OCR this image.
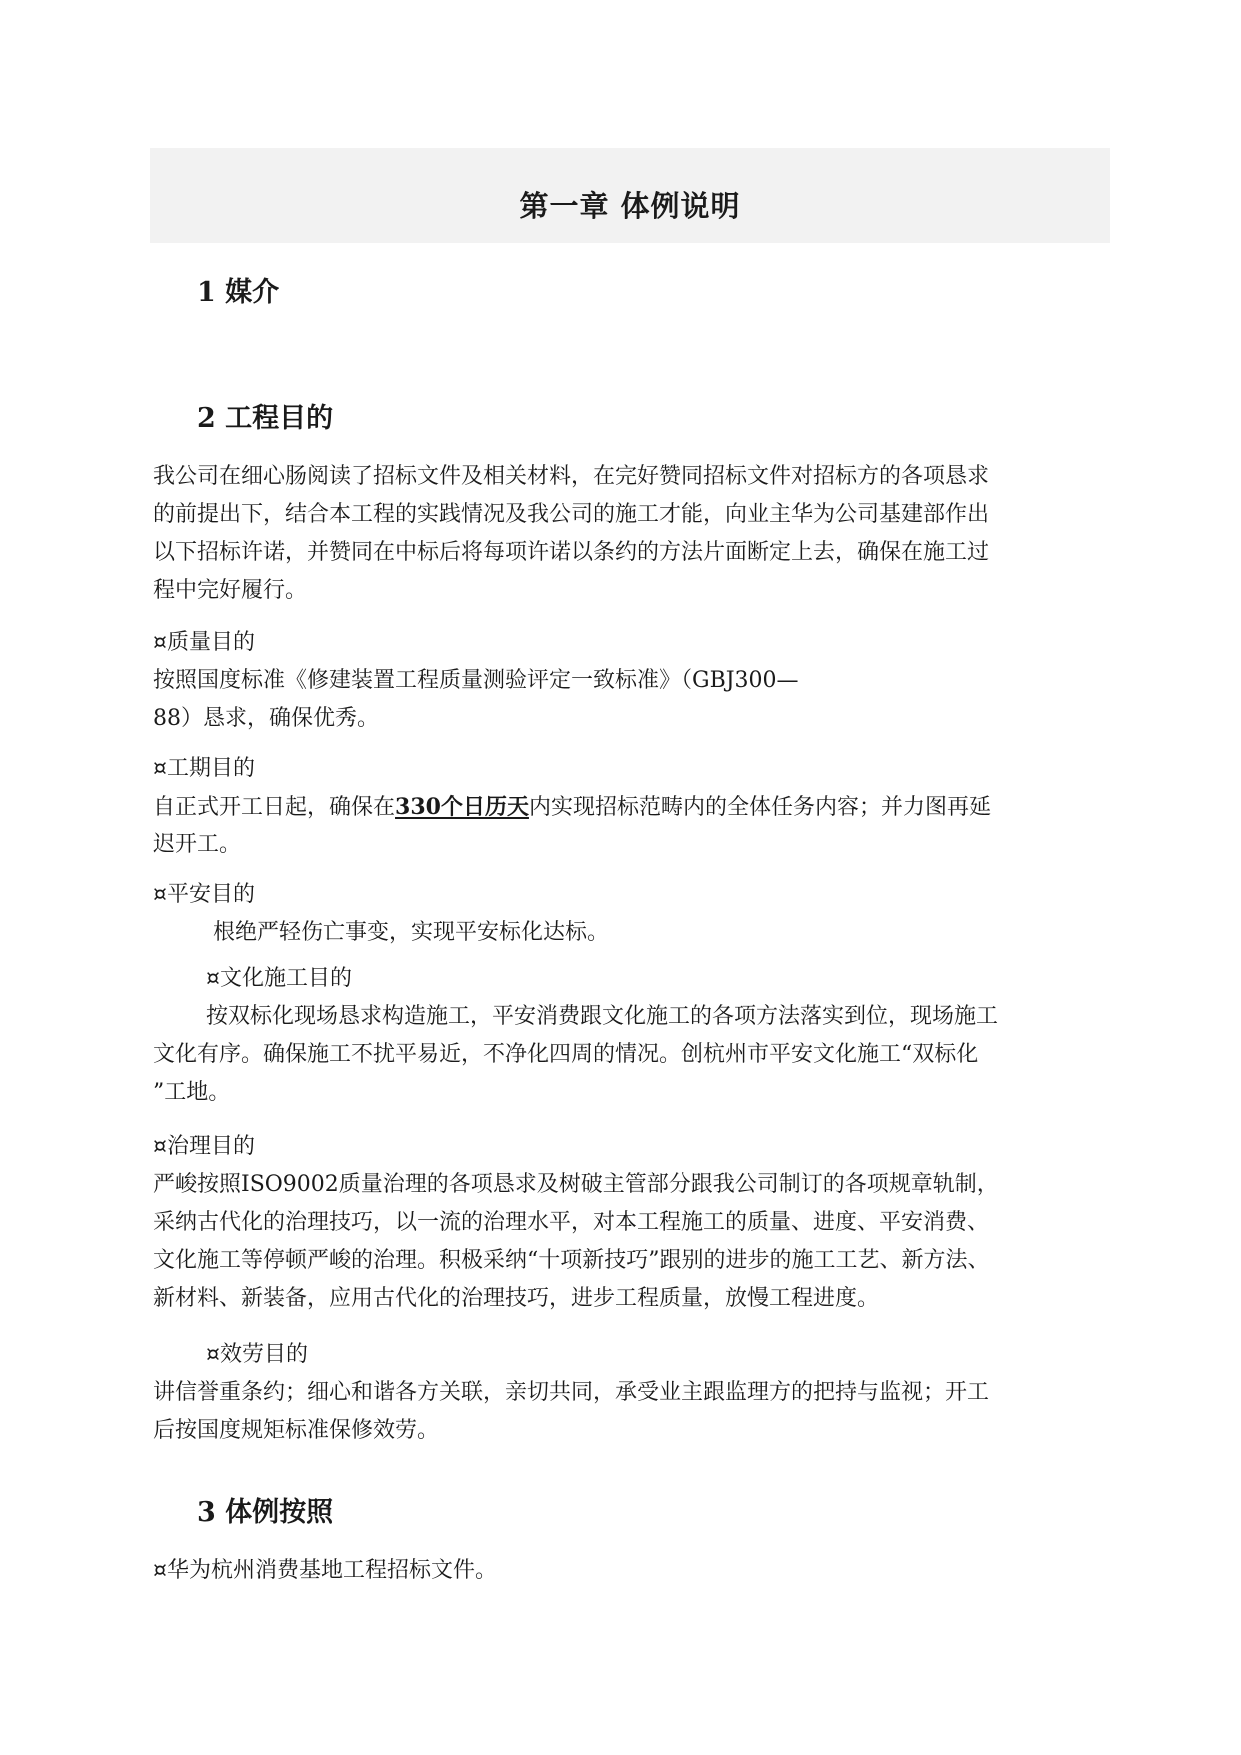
第一章 体例说明
1 媒介
2 工程目的
我公司在细心肠阅读了招标文件及相关材料，在完好赞同招标文件对招标方的各项恳求
的前提出下，结合本工程的实践情况及我公司的施工才能，向业主华为公司基建部作出
以下招标许诺，并赞同在中标后将每项许诺以条约的方法片面断定上去，确保在施工过
程中完好履行。
¤质量目的
按照国度标准《修建装置工程质量测验评定一致标准》（GBJ300—
88）恳求，确保优秀。
¤工期目的
自正式开工日起，确保在330个日历天内实现招标范畴内的全体任务内容；并力图再延
迟开工。
¤平安目的
根绝严轻伤亡事变，实现平安标化达标。
¤文化施工目的
按双标化现场恳求构造施工，平安消费跟文化施工的各项方法落实到位，现场施工
文化有序。确保施工不扰平易近，不净化四周的情况。创杭州市平安文化施工“双标化
”工地。
¤治理目的
严峻按照ISO9002质量治理的各项恳求及树破主管部分跟我公司制订的各项规章轨制，
采纳古代化的治理技巧，以一流的治理水平，对本工程施工的质量、进度、平安消费、
文化施工等停顿严峻的治理。积极采纳“十项新技巧”跟别的进步的施工工艺、新方法、
新材料、新装备，应用古代化的治理技巧，进步工程质量，放慢工程进度。
¤效劳目的
讲信誉重条约；细心和谐各方关联，亲切共同，承受业主跟监理方的把持与监视；开工
后按国度规矩标准保修效劳。
3 体例按照
¤华为杭州消费基地工程招标文件。
